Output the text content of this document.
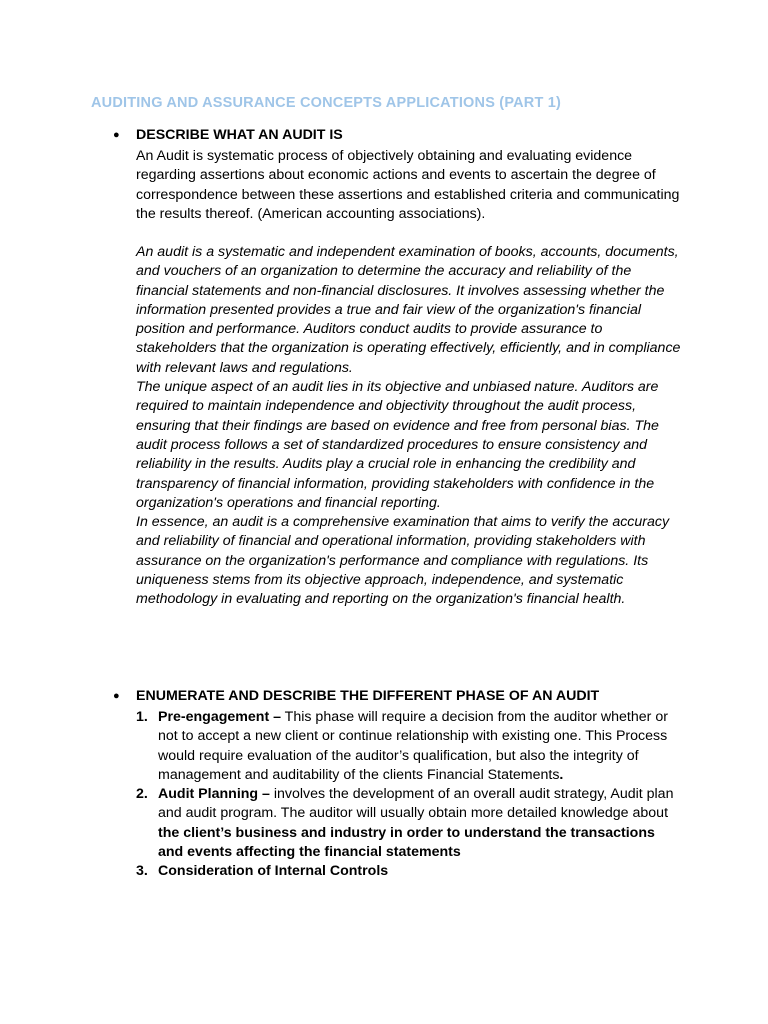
AUDITING AND ASSURANCE CONCEPTS APPLICATIONS (PART 1)
● DESCRIBE WHAT AN AUDIT IS
An Audit is systematic process of objectively obtaining and evaluating evidence regarding assertions about economic actions and events to ascertain the degree of correspondence between these assertions and established criteria and communicating the results thereof. (American accounting associations).

An audit is a systematic and independent examination of books, accounts, documents, and vouchers of an organization to determine the accuracy and reliability of the financial statements and non-financial disclosures. It involves assessing whether the information presented provides a true and fair view of the organization's financial position and performance. Auditors conduct audits to provide assurance to stakeholders that the organization is operating effectively, efficiently, and in compliance with relevant laws and regulations.

The unique aspect of an audit lies in its objective and unbiased nature. Auditors are required to maintain independence and objectivity throughout the audit process, ensuring that their findings are based on evidence and free from personal bias. The audit process follows a set of standardized procedures to ensure consistency and reliability in the results. Audits play a crucial role in enhancing the credibility and transparency of financial information, providing stakeholders with confidence in the organization's operations and financial reporting.

In essence, an audit is a comprehensive examination that aims to verify the accuracy and reliability of financial and operational information, providing stakeholders with assurance on the organization's performance and compliance with regulations. Its uniqueness stems from its objective approach, independence, and systematic methodology in evaluating and reporting on the organization's financial health.

● ENUMERATE AND DESCRIBE THE DIFFERENT PHASE OF AN AUDIT
1. Pre-engagement – This phase will require a decision from the auditor whether or not to accept a new client or continue relationship with existing one. This Process would require evaluation of the auditor’s qualification, but also the integrity of management and auditability of the clients Financial Statements.
2. Audit Planning – involves the development of an overall audit strategy, Audit plan and audit program. The auditor will usually obtain more detailed knowledge about the client’s business and industry in order to understand the transactions and events affecting the financial statements
3. Consideration of Internal Controls
